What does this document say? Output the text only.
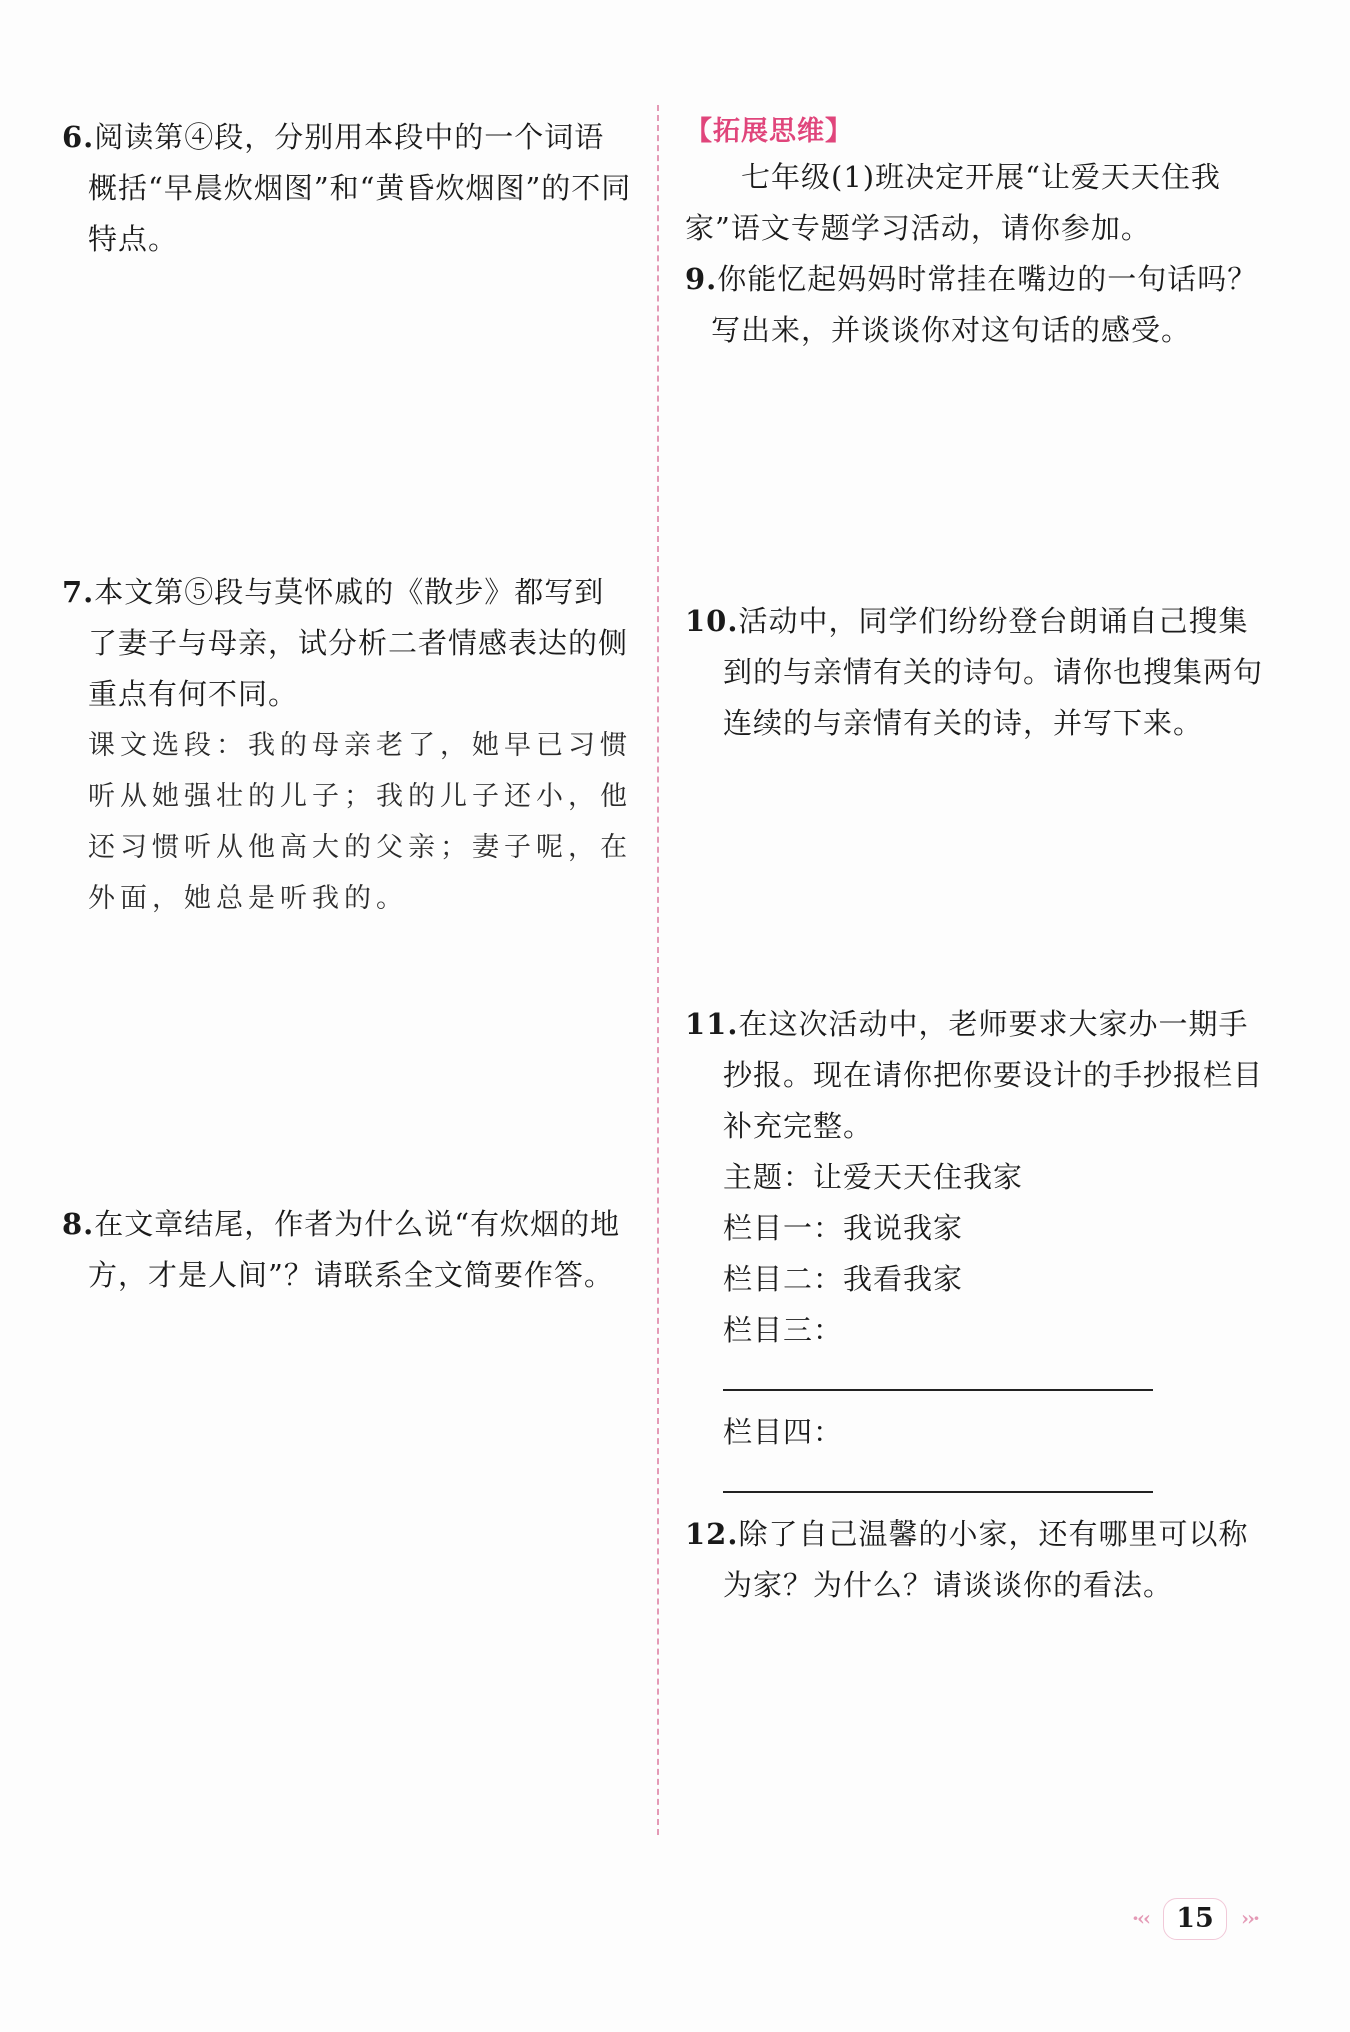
6.阅读第④段，分别用本段中的一个词语概括“早晨炊烟图”和“黄昏炊烟图”的不同特点。
7.本文第⑤段与莫怀戚的《散步》都写到了妻子与母亲，试分析二者情感表达的侧重点有何不同。
课文选段：我的母亲老了，她早已习惯听从她强壮的儿子；我的儿子还小，他还习惯听从他高大的父亲；妻子呢，在外面，她总是听我的。
8.在文章结尾，作者为什么说“有炊烟的地方，才是人间”？请联系全文简要作答。
【拓展思维】
七年级(1)班决定开展“让爱天天住我家”语文专题学习活动，请你参加。
9.你能忆起妈妈时常挂在嘴边的一句话吗？写出来，并谈谈你对这句话的感受。
10.活动中，同学们纷纷登台朗诵自己搜集到的与亲情有关的诗句。请你也搜集两句连续的与亲情有关的诗，并写下来。
11.在这次活动中，老师要求大家办一期手抄报。现在请你把你要设计的手抄报栏目补充完整。
主题：让爱天天住我家
栏目一：我说我家
栏目二：我看我家
栏目三：
栏目四：
12.除了自己温馨的小家，还有哪里可以称为家？为什么？请谈谈你的看法。
·‹‹ 15 ››·
